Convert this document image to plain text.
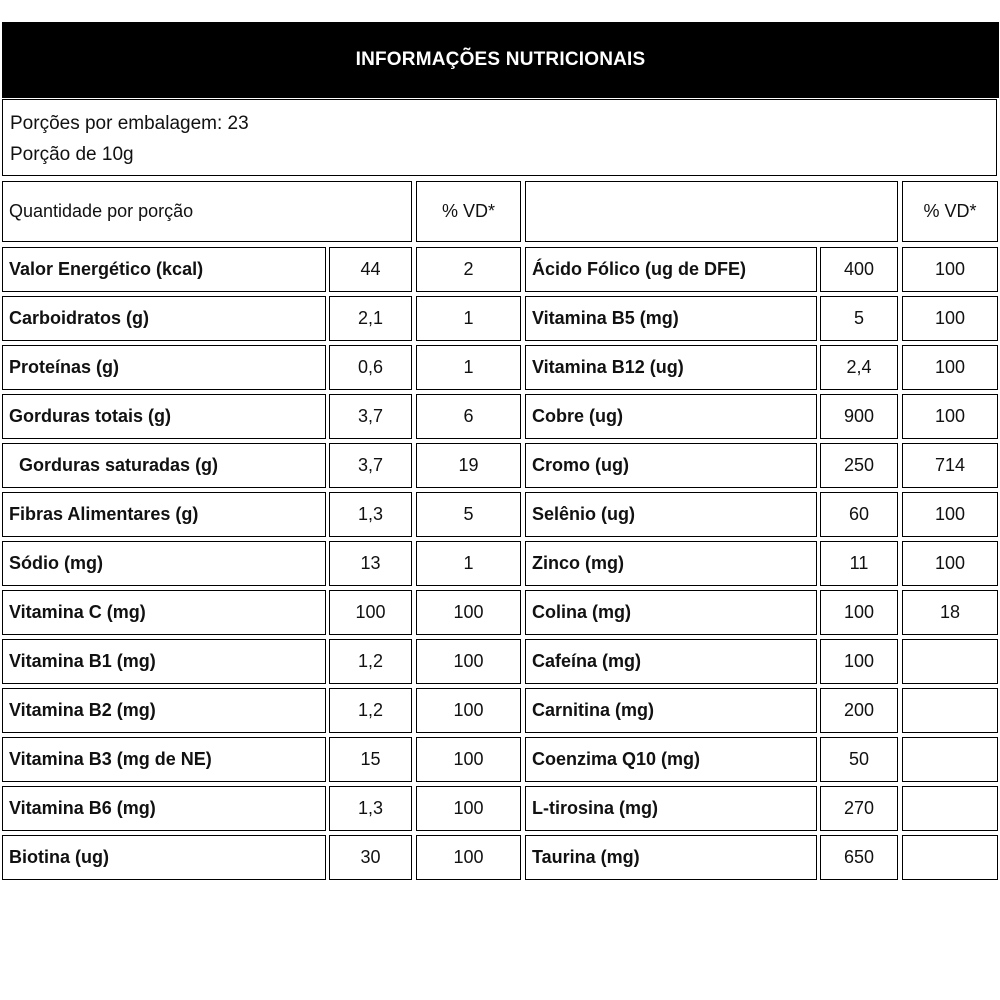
INFORMAÇÕES NUTRICIONAIS
Porções por embalagem: 23
Porção de 10g
Quantidade por porção	% VD*	% VD*
Valor Energético (kcal)	44	2	Ácido Fólico (ug de DFE)	400	100
Carboidratos (g)	2,1	1	Vitamina B5 (mg)	5	100
Proteínas (g)	0,6	1	Vitamina B12 (ug)	2,4	100
Gorduras totais (g)	3,7	6	Cobre (ug)	900	100
Gorduras saturadas (g)	3,7	19	Cromo (ug)	250	714
Fibras Alimentares (g)	1,3	5	Selênio (ug)	60	100
Sódio (mg)	13	1	Zinco (mg)	11	100
Vitamina C (mg)	100	100	Colina (mg)	100	18
Vitamina B1 (mg)	1,2	100	Cafeína (mg)	100
Vitamina B2 (mg)	1,2	100	Carnitina (mg)	200
Vitamina B3 (mg de NE)	15	100	Coenzima Q10 (mg)	50
Vitamina B6 (mg)	1,3	100	L-tirosina (mg)	270
Biotina (ug)	30	100	Taurina (mg)	650
